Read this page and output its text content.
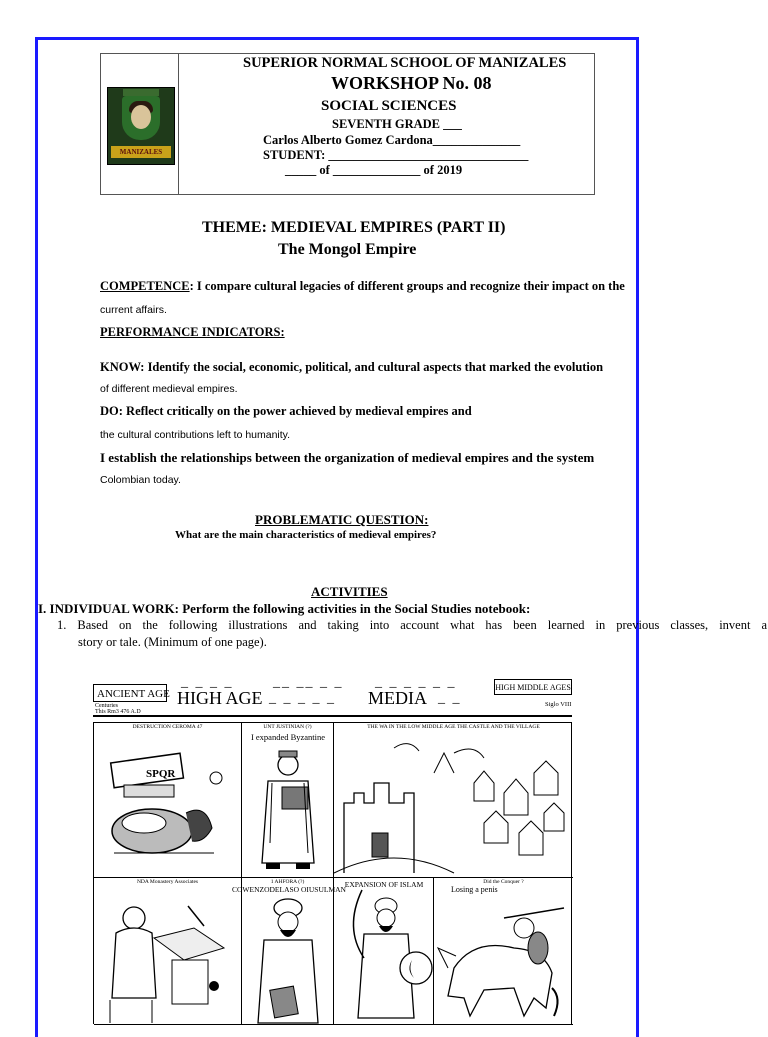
MANIZALES
SUPERIOR NORMAL SCHOOL OF MANIZALES
WORKSHOP No. 08
SOCIAL SCIENCES
SEVENTH GRADE ___
Carlos Alberto Gomez Cardona______________
STUDENT: ________________________________
_____ of ______________ of 2019
THEME: MEDIEVAL EMPIRES (PART II)
The Mongol Empire
COMPETENCE: I compare cultural legacies of different groups and recognize their impact on the
current affairs.
PERFORMANCE INDICATORS:
KNOW: Identify the social, economic, political, and cultural aspects that marked the evolution
of different medieval empires.
DO: Reflect critically on the power achieved by medieval empires and
the cultural contributions left to humanity.
I establish the relationships between the organization of medieval empires and the system
Colombian today.
PROBLEMATIC QUESTION:
What are the main characteristics of medieval empires?
ACTIVITIES
I. INDIVIDUAL WORK: Perform the following activities in the Social Studies notebook:
1. Based on the following illustrations and taking into account what has been learned in previous classes, invent a
story or tale. (Minimum of one page).
ANCIENT AGE
Centuries
This Rm3 476 A.D
_ _ _ _
HIGH AGE
__ __ _ _
_ _ _ _ _ MEDIA
_ _ _ _ _ _
_ _
HIGH MIDDLE AGES
Siglo VIII
DESTRUCTION CEROMA 47
SPQR
UNT JUSTINIAN (?)
I expanded Byzantine
THE WA IN THE LOW MIDDLE AGE THE CASTLE AND THE VILLAGE
NDA Monastery Associates	1 AHFORA (?)
COWENZODELASO OIUSULMAN
EXPANSION OF ISLAM	Did the Conquer ?
Losing a penis
